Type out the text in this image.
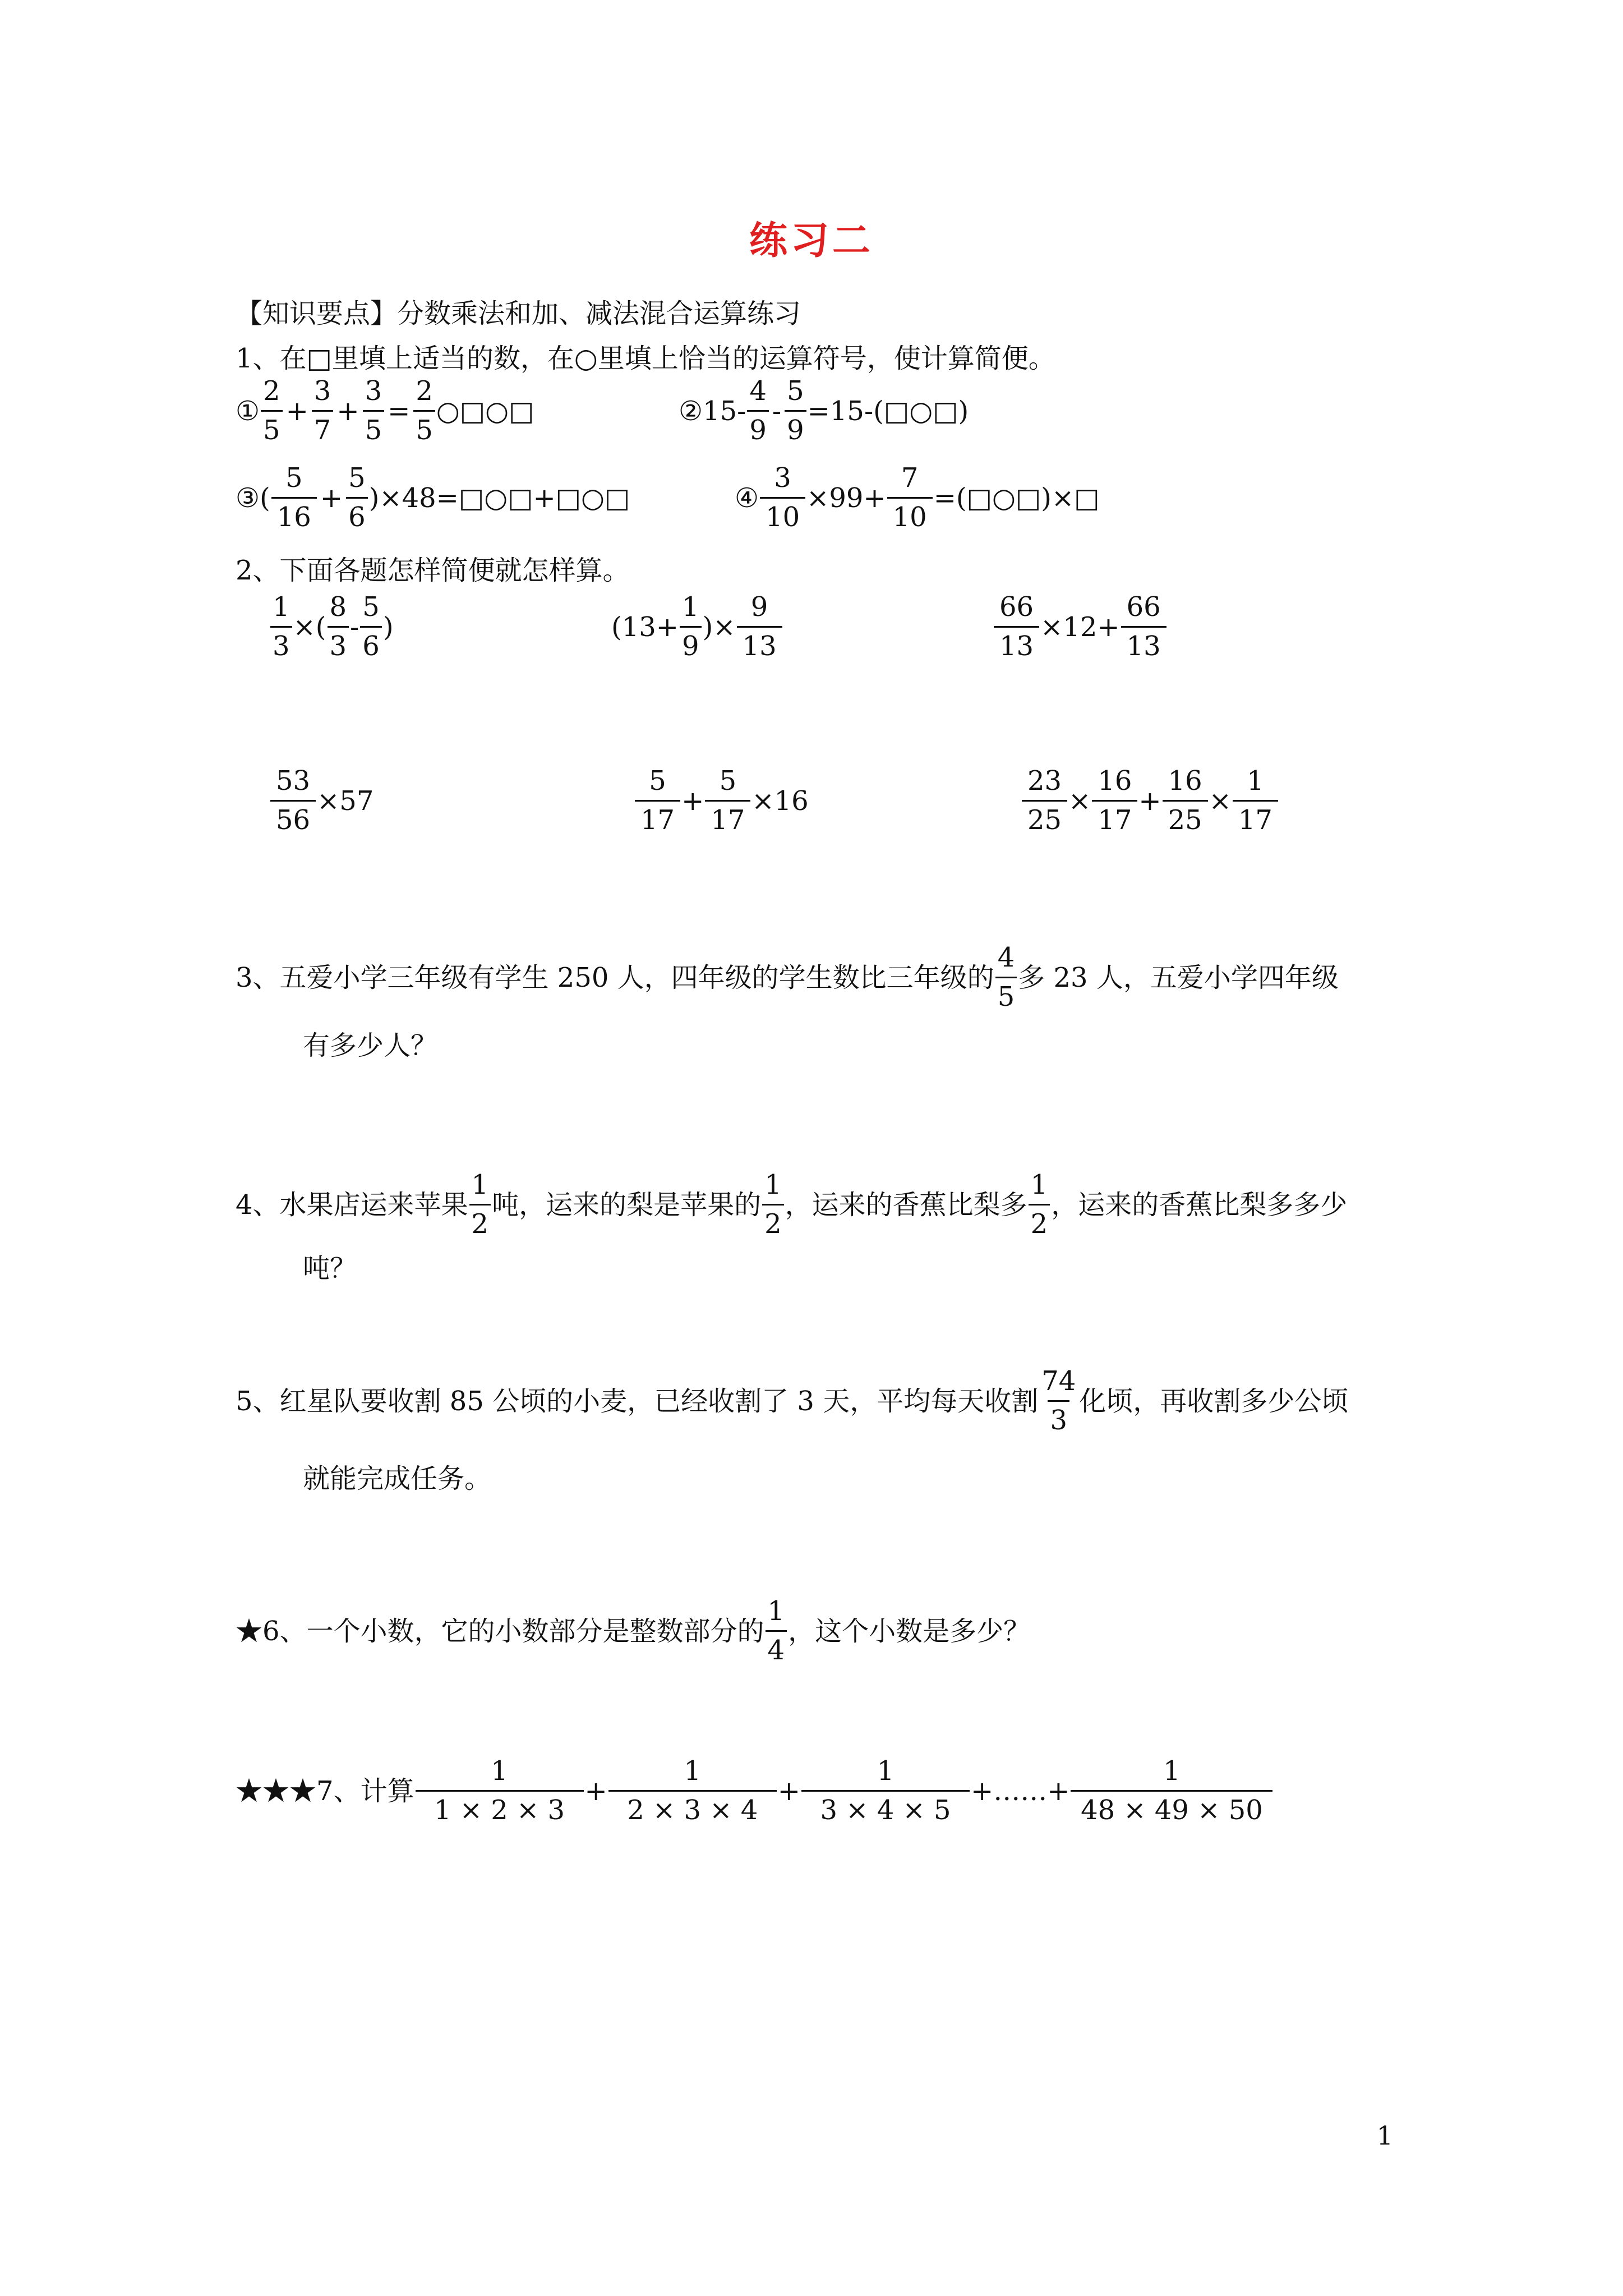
练习二
【知识要点】分数乘法和加、减法混合运算练习
1、在□里填上适当的数，在○里填上恰当的运算符号，使计算简便。
① $\frac{2}{5} + \frac{3}{7} + \frac{3}{5} = \frac{2}{5}$ ○□○□	②15- $\frac{4}{9} - \frac{5}{9}$ =15-(□○□)
③( $\frac{5}{16} + \frac{5}{6}$ )×48=□○□+□○□	④ $\frac{3}{10} \times 99+ \frac{7}{10}$ =(□○□)×□
2、下面各题怎样简便就怎样算。
$\frac{1}{3}$ ×( $\frac{8}{3} - \frac{5}{6}$ )	($13+ \frac{1}{9}$ )× $\frac{9}{13}$	$\frac{66}{13} \times 12+ \frac{66}{13}$
$\frac{53}{56} \times 57$	$\frac{5}{17} + \frac{5}{17} \times 16$	$\frac{23}{25} \times \frac{16}{17} + \frac{16}{25} \times \frac{1}{17}$
3、五爱小学三年级有学生 250 人，四年级的学生数比三年级的 $\frac{4}{5}$ 多 23 人，五爱小学四年级
有多少人？
4、水果店运来苹果 $\frac{1}{2}$ 吨，运来的梨是苹果的 $\frac{1}{2}$ ，运来的香蕉比梨多 $\frac{1}{2}$ ，运来的香蕉比梨多多少
吨？
5、红星队要收割 85 公顷的小麦，已经收割了 3 天，平均每天收割 $\frac{74}{3}$ 化顷，再收割多少公顷
就能完成任务。
★6、一个小数，它的小数部分是整数部分的 $\frac{1}{4}$ ，这个小数是多少？
★★★7、计算 $\frac{1}{1 \times 2 \times 3} + \frac{1}{2 \times 3 \times 4} + \frac{1}{3 \times 4 \times 5}$ +……+ $\frac{1}{48 \times 49 \times 50}$
1
